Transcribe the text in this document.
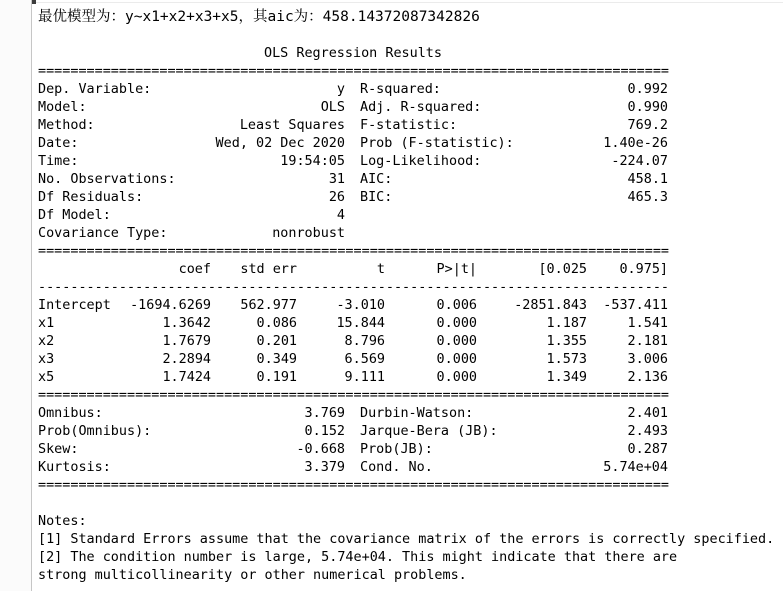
最优模型为：y~x1+x2+x3+x5，其aic为：458.14372087342826
OLS Regression Results
==============================================================================
Dep. Variable:	y R-squared:	0.992
Model:	OLS Adj. R-squared:	0.990
Method:	Least Squares F-statistic:	769.2
Date:	Wed, 02 Dec 2020 Prob (F-statistic):	1.40e-26
Time:	19:54:05 Log-Likelihood:	-224.07
No. Observations:	31 AIC:	458.1
Df Residuals:	26 BIC:	465.3
Df Model:	4
Covariance Type:	nonrobust
==============================================================================
coef	std err	t	P>|t|	[0.025	0.975]
------------------------------------------------------------------------------
Intercept	-1694.6269	562.977	-3.010	0.006	-2851.843	-537.411
x1	1.3642	0.086	15.844	0.000	1.187	1.541
x2	1.7679	0.201	8.796	0.000	1.355	2.181
x3	2.2894	0.349	6.569	0.000	1.573	3.006
x5	1.7424	0.191	9.111	0.000	1.349	2.136
==============================================================================
Omnibus:	3.769 Durbin-Watson:	2.401
Prob(Omnibus):	0.152 Jarque-Bera (JB):	2.493
Skew:	-0.668 Prob(JB):	0.287
Kurtosis:	3.379 Cond. No.	5.74e+04
==============================================================================
Notes:
[1] Standard Errors assume that the covariance matrix of the errors is correctly specified.
[2] The condition number is large, 5.74e+04. This might indicate that there are
strong multicollinearity or other numerical problems.
